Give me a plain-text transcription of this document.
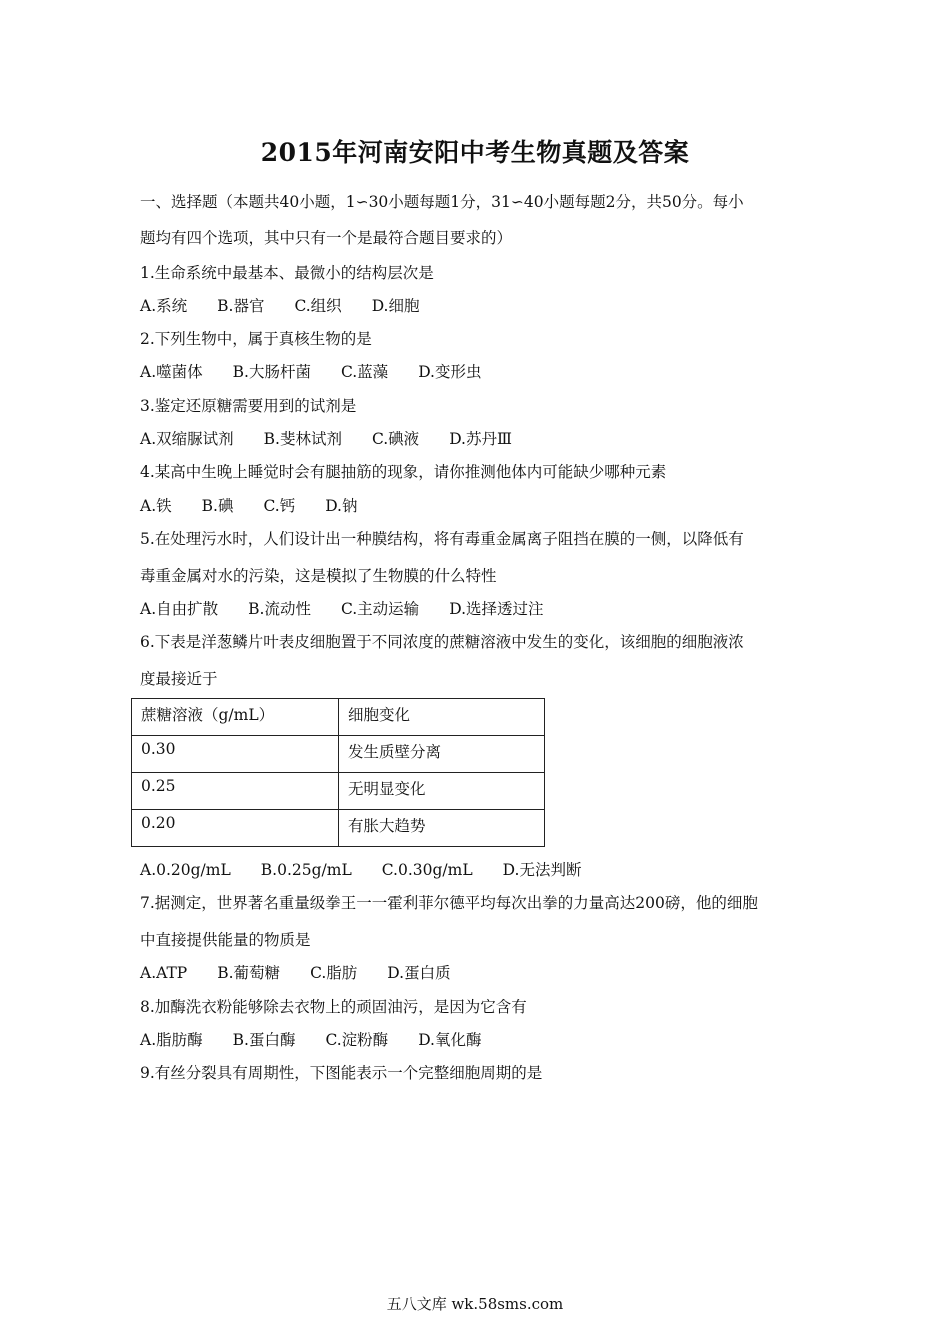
2015年河南安阳中考生物真题及答案
一、选择题（本题共40小题，1∽30小题每题1分，31∽40小题每题2分，共50分。每小
题均有四个选项，其中只有一个是最符合题目要求的）
1.生命系统中最基本、最微小的结构层次是
A.系统 B.器官 C.组织 D.细胞
2.下列生物中，属于真核生物的是
A.噬菌体 B.大肠杆菌 C.蓝藻 D.变形虫
3.鉴定还原糖需要用到的试剂是
A.双缩脲试剂 B.斐林试剂 C.碘液 D.苏丹Ⅲ
4.某高中生晚上睡觉时会有腿抽筋的现象，请你推测他体内可能缺少哪种元素
A.铁 B.碘 C.钙 D.钠
5.在处理污水时，人们设计出一种膜结构，将有毒重金属离子阻挡在膜的一侧，以降低有
毒重金属对水的污染，这是模拟了生物膜的什么特性
A.自由扩散 B.流动性 C.主动运输 D.选择透过注
6.下表是洋葱鳞片叶表皮细胞置于不同浓度的蔗糖溶液中发生的变化，该细胞的细胞液浓
度最接近于
蔗糖溶液（g/mL）	细胞变化
0.30	发生质壁分离
0.25	无明显变化
0.20	有胀大趋势
A.0.20g/mL B.0.25g/mL C.0.30g/mL D.无法判断
7.据测定，世界著名重量级拳王一一霍利菲尔德平均每次出拳的力量高达200磅，他的细胞
中直接提供能量的物质是
A.ATP B.葡萄糖 C.脂肪 D.蛋白质
8.加酶洗衣粉能够除去衣物上的顽固油污，是因为它含有
A.脂肪酶 B.蛋白酶 C.淀粉酶 D.氧化酶
9.有丝分裂具有周期性，下图能表示一个完整细胞周期的是
五八文库 wk.58sms.com
